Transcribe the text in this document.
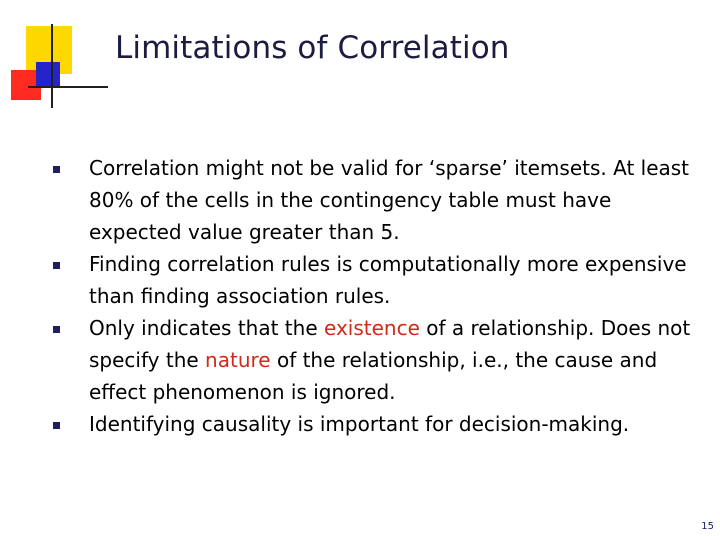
Limitations of Correlation
Correlation might not be valid for ‘sparse’ itemsets. At least 80% of the cells in the contingency table must have expected value greater than 5.
Finding correlation rules is computationally more expensive than finding association rules.
Only indicates that the existence of a relationship. Does not specify the nature of the relationship, i.e., the cause and effect phenomenon is ignored.
Identifying causality is important for decision-making.
15
